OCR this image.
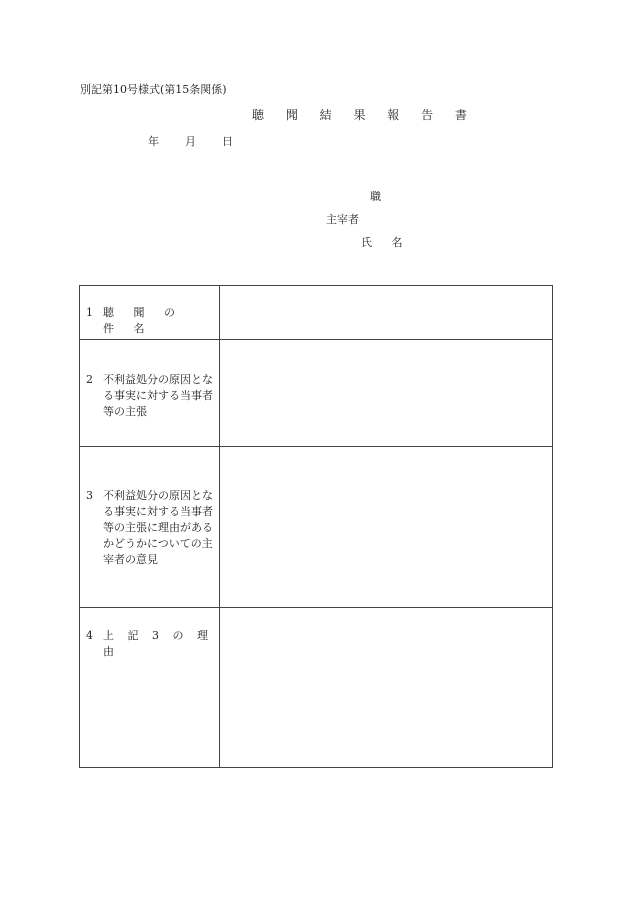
別記第10号様式(第15条関係)
聴 聞 結 果 報 告 書
年 月 日
職
主宰者
氏 名
1 聴 聞 の 件 名	

2 不利益処分の原因となる事実に対する当事者等の主張	

3 不利益処分の原因となる事実に対する当事者等の主張に理由があるかどうかについての主宰者の意見	

4 上 記 3 の 理 由	
